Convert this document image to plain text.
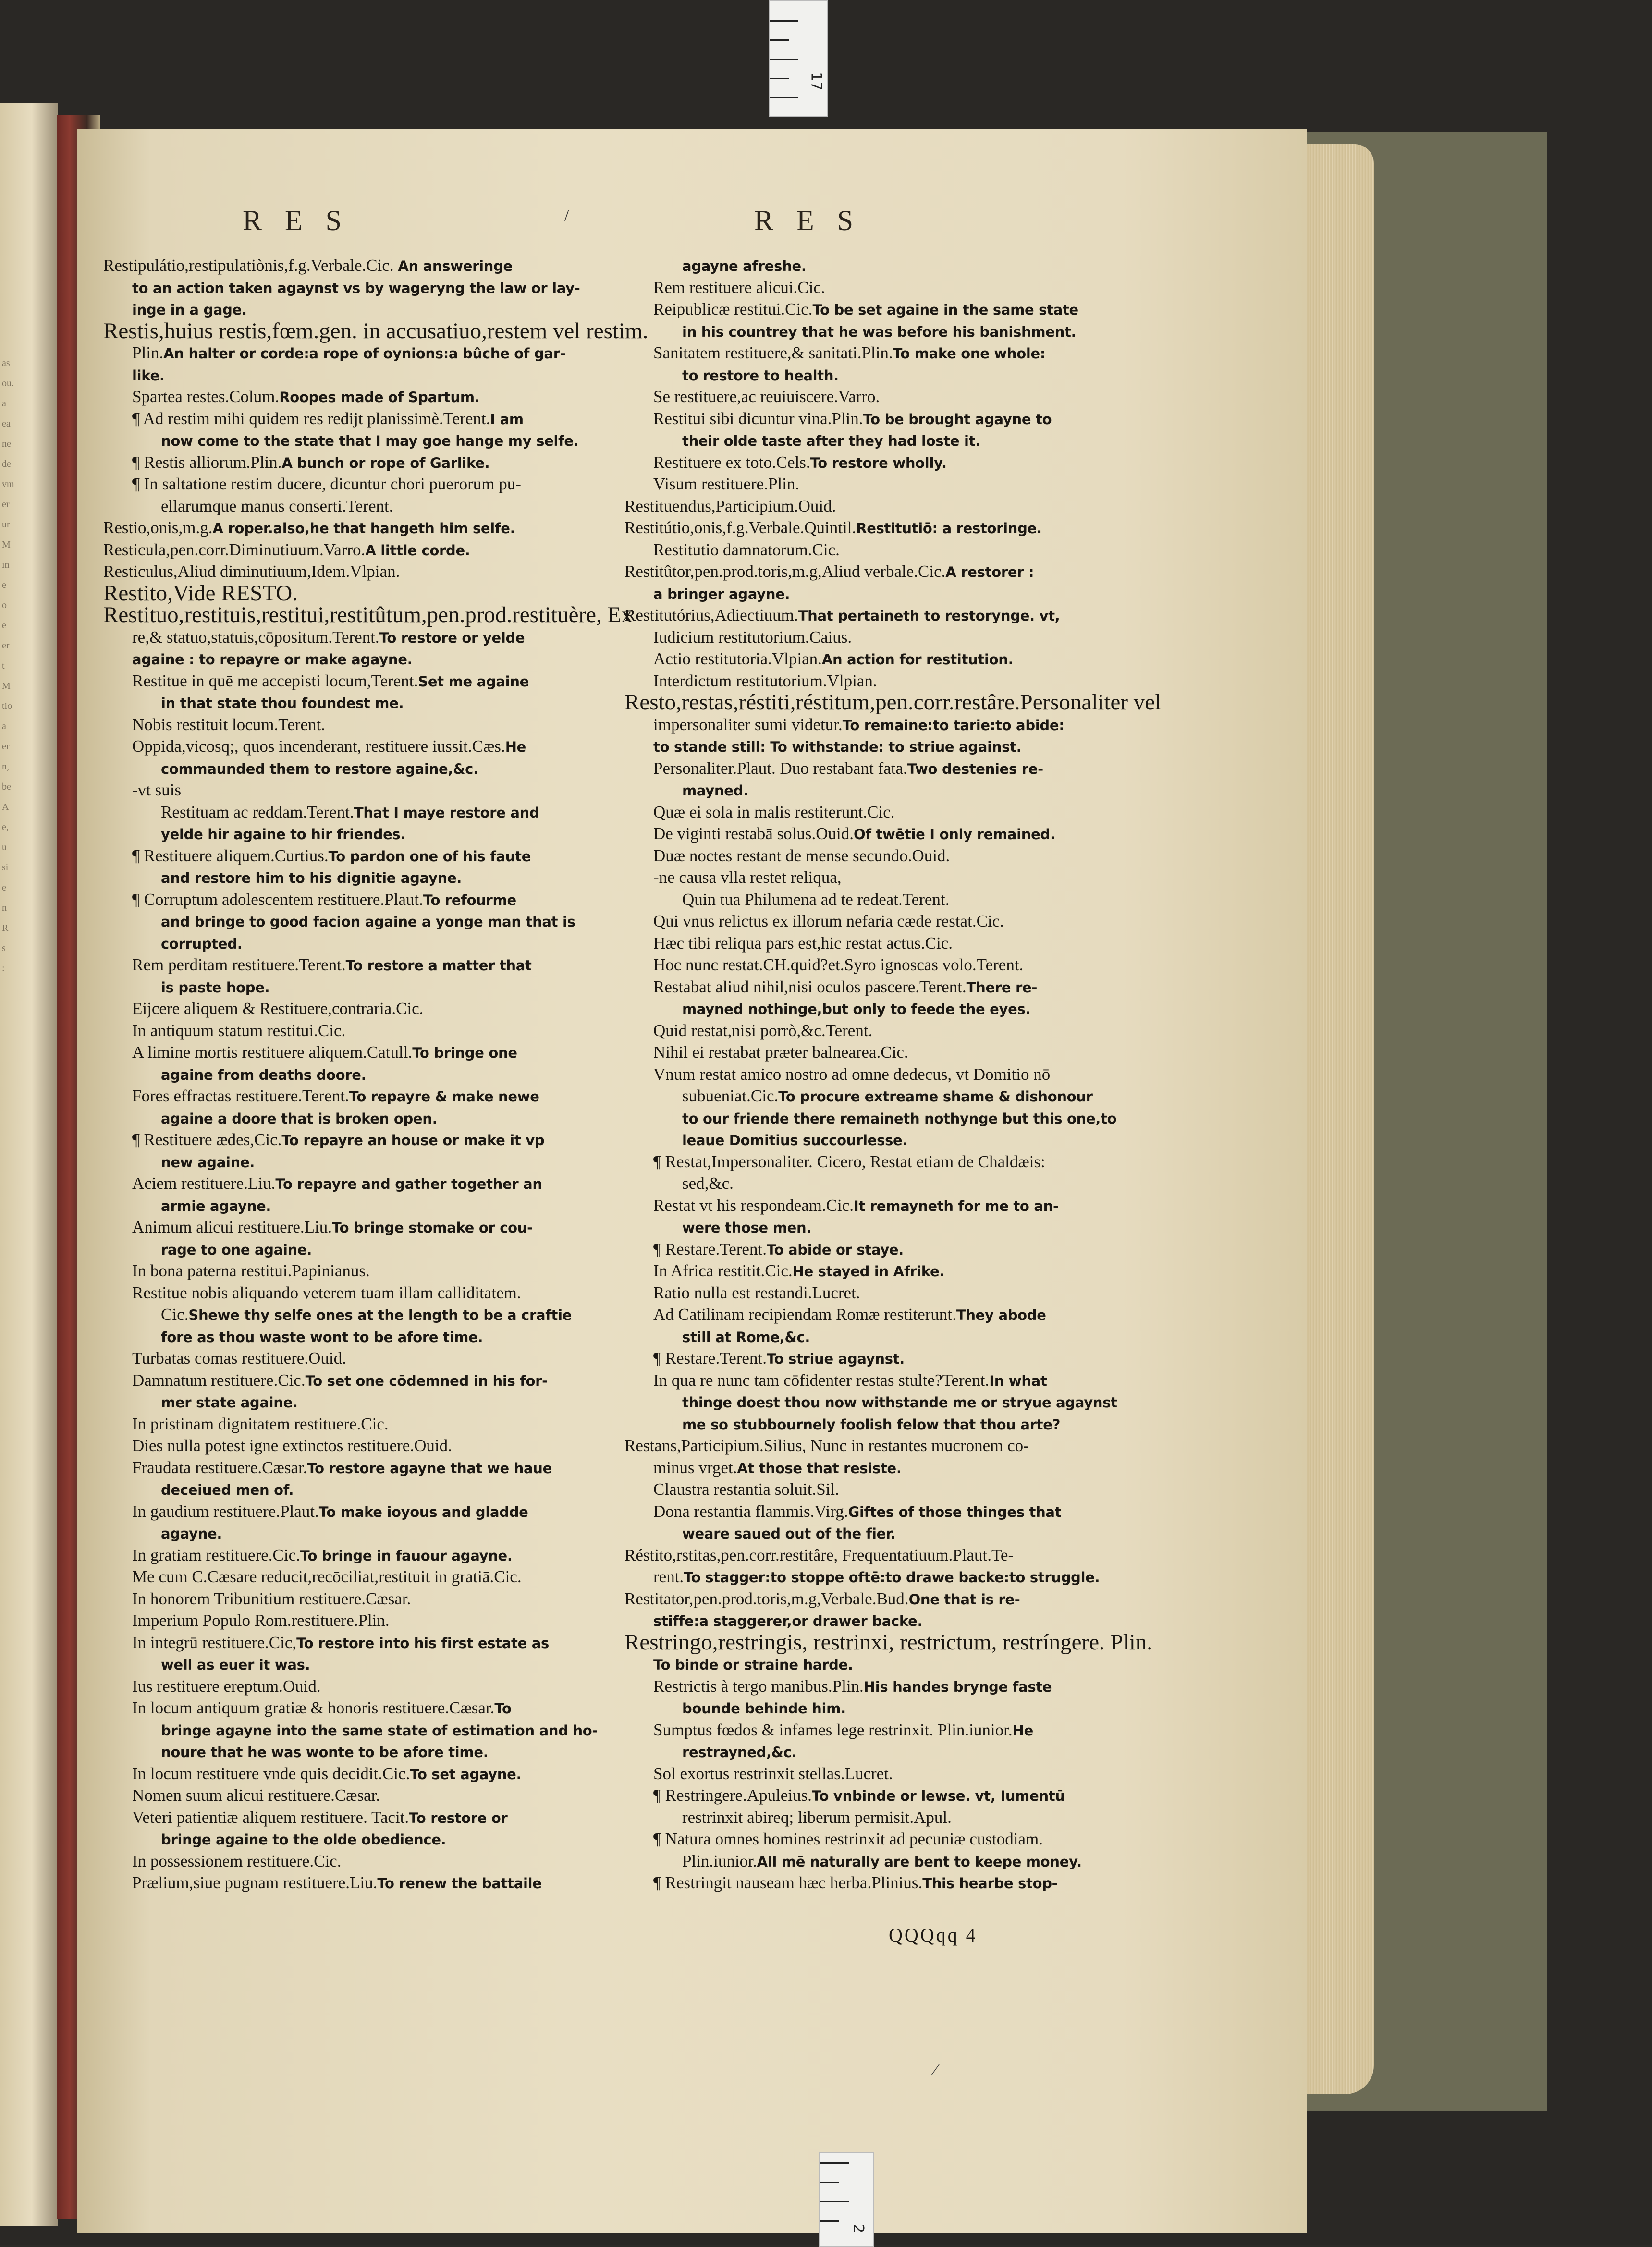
17
as
ou.
a
ea
ne
de
vm
er
ur
M
in
e
o
e
er
t
M
tio
a
er
n,
be
A
e,
u
si
e
n
R
s
:
RES	/	RES
Restipulátio,restipulatiònis,f.g.Verbale.Cic. An answeringe
to an action taken agaynst vs by wageryng the law or lay-
inge in a gage.
Restis,huius restis,fœm.gen. in accusatiuo,restem vel restim.
Plin.An halter or corde:a rope of oynions:a bûche of gar-
like.
Spartea restes.Colum.Roopes made of Spartum.
¶ Ad restim mihi quidem res redijt planissimè.Terent.I am
now come to the state that I may goe hange my selfe.
¶ Restis alliorum.Plin.A bunch or rope of Garlike.
¶ In saltatione restim ducere, dicuntur chori puerorum pu-
ellarumque manus conserti.Terent.
Restio,onis,m.g.A roper.also,he that hangeth him selfe.
Resticula,pen.corr.Diminutiuum.Varro.A little corde.
Resticulus,Aliud diminutiuum,Idem.Vlpian.
Restito,Vide RESTO.
Restituo,restituis,restitui,restitûtum,pen.prod.restituère, Ex
re,& statuo,statuis,cōpositum.Terent.To restore or yelde
againe : to repayre or make agayne.
Restitue in quē me accepisti locum,Terent.Set me againe
in that state thou foundest me.
Nobis restituit locum.Terent.
Oppida,vicosq;, quos incenderant, restituere iussit.Cæs.He
commaunded them to restore againe,&c.
-vt suis
Restituam ac reddam.Terent.That I maye restore and
yelde hir againe to hir friendes.
¶ Restituere aliquem.Curtius.To pardon one of his faute
and restore him to his dignitie agayne.
¶ Corruptum adolescentem restituere.Plaut.To refourme
and bringe to good facion againe a yonge man that is
corrupted.
Rem perditam restituere.Terent.To restore a matter that
is paste hope.
Eijcere aliquem & Restituere,contraria.Cic.
In antiquum statum restitui.Cic.
A limine mortis restituere aliquem.Catull.To bringe one
againe from deaths doore.
Fores effractas restituere.Terent.To repayre & make newe
againe a doore that is broken open.
¶ Restituere ædes,Cic.To repayre an house or make it vp
new againe.
Aciem restituere.Liu.To repayre and gather together an
armie agayne.
Animum alicui restituere.Liu.To bringe stomake or cou-
rage to one againe.
In bona paterna restitui.Papinianus.
Restitue nobis aliquando veterem tuam illam calliditatem.
Cic.Shewe thy selfe ones at the length to be a craftie
fore as thou waste wont to be afore time.
Turbatas comas restituere.Ouid.
Damnatum restituere.Cic.To set one cōdemned in his for-
mer state againe.
In pristinam dignitatem restituere.Cic.
Dies nulla potest igne extinctos restituere.Ouid.
Fraudata restituere.Cæsar.To restore agayne that we haue
deceiued men of.
In gaudium restituere.Plaut.To make ioyous and gladde
agayne.
In gratiam restituere.Cic.To bringe in fauour agayne.
Me cum C.Cæsare reducit,recōciliat,restituit in gratiā.Cic.
In honorem Tribunitium restituere.Cæsar.
Imperium Populo Rom.restituere.Plin.
In integrū restituere.Cic,To restore into his first estate as
well as euer it was.
Ius restituere ereptum.Ouid.
In locum antiquum gratiæ & honoris restituere.Cæsar.To
bringe agayne into the same state of estimation and ho-
noure that he was wonte to be afore time.
In locum restituere vnde quis decidit.Cic.To set agayne.
Nomen suum alicui restituere.Cæsar.
Veteri patientiæ aliquem restituere. Tacit.To restore or
bringe againe to the olde obedience.
In possessionem restituere.Cic.
Prælium,siue pugnam restituere.Liu.To renew the battaile
agayne afreshe.
Rem restituere alicui.Cic.
Reipublicæ restitui.Cic.To be set againe in the same state
in his countrey that he was before his banishment.
Sanitatem restituere,& sanitati.Plin.To make one whole:
to restore to health.
Se restituere,ac reuiuiscere.Varro.
Restitui sibi dicuntur vina.Plin.To be brought agayne to
their olde taste after they had loste it.
Restituere ex toto.Cels.To restore wholly.
Visum restituere.Plin.
Restituendus,Participium.Ouid.
Restitútio,onis,f.g.Verbale.Quintil.Restitutiō: a restoringe.
Restitutio damnatorum.Cic.
Restitûtor,pen.prod.toris,m.g,Aliud verbale.Cic.A restorer :
a bringer agayne.
Restitutórius,Adiectiuum.That pertaineth to restorynge. vt,
Iudicium restitutorium.Caius.
Actio restitutoria.Vlpian.An action for restitution.
Interdictum restitutorium.Vlpian.
Resto,restas,réstiti,réstitum,pen.corr.restâre.Personaliter vel
impersonaliter sumi videtur.To remaine:to tarie:to abide:
to stande still: To withstande: to striue against.
Personaliter.Plaut. Duo restabant fata.Two destenies re-
mayned.
Quæ ei sola in malis restiterunt.Cic.
De viginti restabā solus.Ouid.Of twētie I only remained.
Duæ noctes restant de mense secundo.Ouid.
-ne causa vlla restet reliqua,
Quin tua Philumena ad te redeat.Terent.
Qui vnus relictus ex illorum nefaria cæde restat.Cic.
Hæc tibi reliqua pars est,hic restat actus.Cic.
Hoc nunc restat.CH.quid?et.Syro ignoscas volo.Terent.
Restabat aliud nihil,nisi oculos pascere.Terent.There re-
mayned nothinge,but only to feede the eyes.
Quid restat,nisi porrò,&c.Terent.
Nihil ei restabat præter balnearea.Cic.
Vnum restat amico nostro ad omne dedecus, vt Domitio nō
subueniat.Cic.To procure extreame shame & dishonour
to our friende there remaineth nothynge but this one,to
leaue Domitius succourlesse.
¶ Restat,Impersonaliter. Cicero, Restat etiam de Chaldæis:
sed,&c.
Restat vt his respondeam.Cic.It remayneth for me to an-
were those men.
¶ Restare.Terent.To abide or staye.
In Africa restitit.Cic.He stayed in Afrike.
Ratio nulla est restandi.Lucret.
Ad Catilinam recipiendam Romæ restiterunt.They abode
still at Rome,&c.
¶ Restare.Terent.To striue agaynst.
In qua re nunc tam cōfidenter restas stulte?Terent.In what
thinge doest thou now withstande me or stryue agaynst
me so stubbournely foolish felow that thou arte?
Restans,Participium.Silius, Nunc in restantes mucronem co-
minus vrget.At those that resiste.
Claustra restantia soluit.Sil.
Dona restantia flammis.Virg.Giftes of those thinges that
weare saued out of the fier.
Réstito,rstitas,pen.corr.restitâre, Frequentatiuum.Plaut.Te-
rent.To stagger:to stoppe oftē:to drawe backe:to struggle.
Restitator,pen.prod.toris,m.g,Verbale.Bud.One that is re-
stiffe:a staggerer,or drawer backe.
Restringo,restringis, restrinxi, restrictum, restríngere. Plin.
To binde or straine harde.
Restrictis à tergo manibus.Plin.His handes brynge faste
bounde behinde him.
Sumptus fœdos & infames lege restrinxit. Plin.iunior.He
restrayned,&c.
Sol exortus restrinxit stellas.Lucret.
¶ Restringere.Apuleius.To vnbinde or lewse. vt, Iumentū
restrinxit abireq; liberum permisit.Apul.
¶ Natura omnes homines restrinxit ad pecuniæ custodiam.
Plin.iunior.All mē naturally are bent to keepe money.
¶ Restringit nauseam hæc herba.Plinius.This hearbe stop-
QQQqq 4
∕
2
